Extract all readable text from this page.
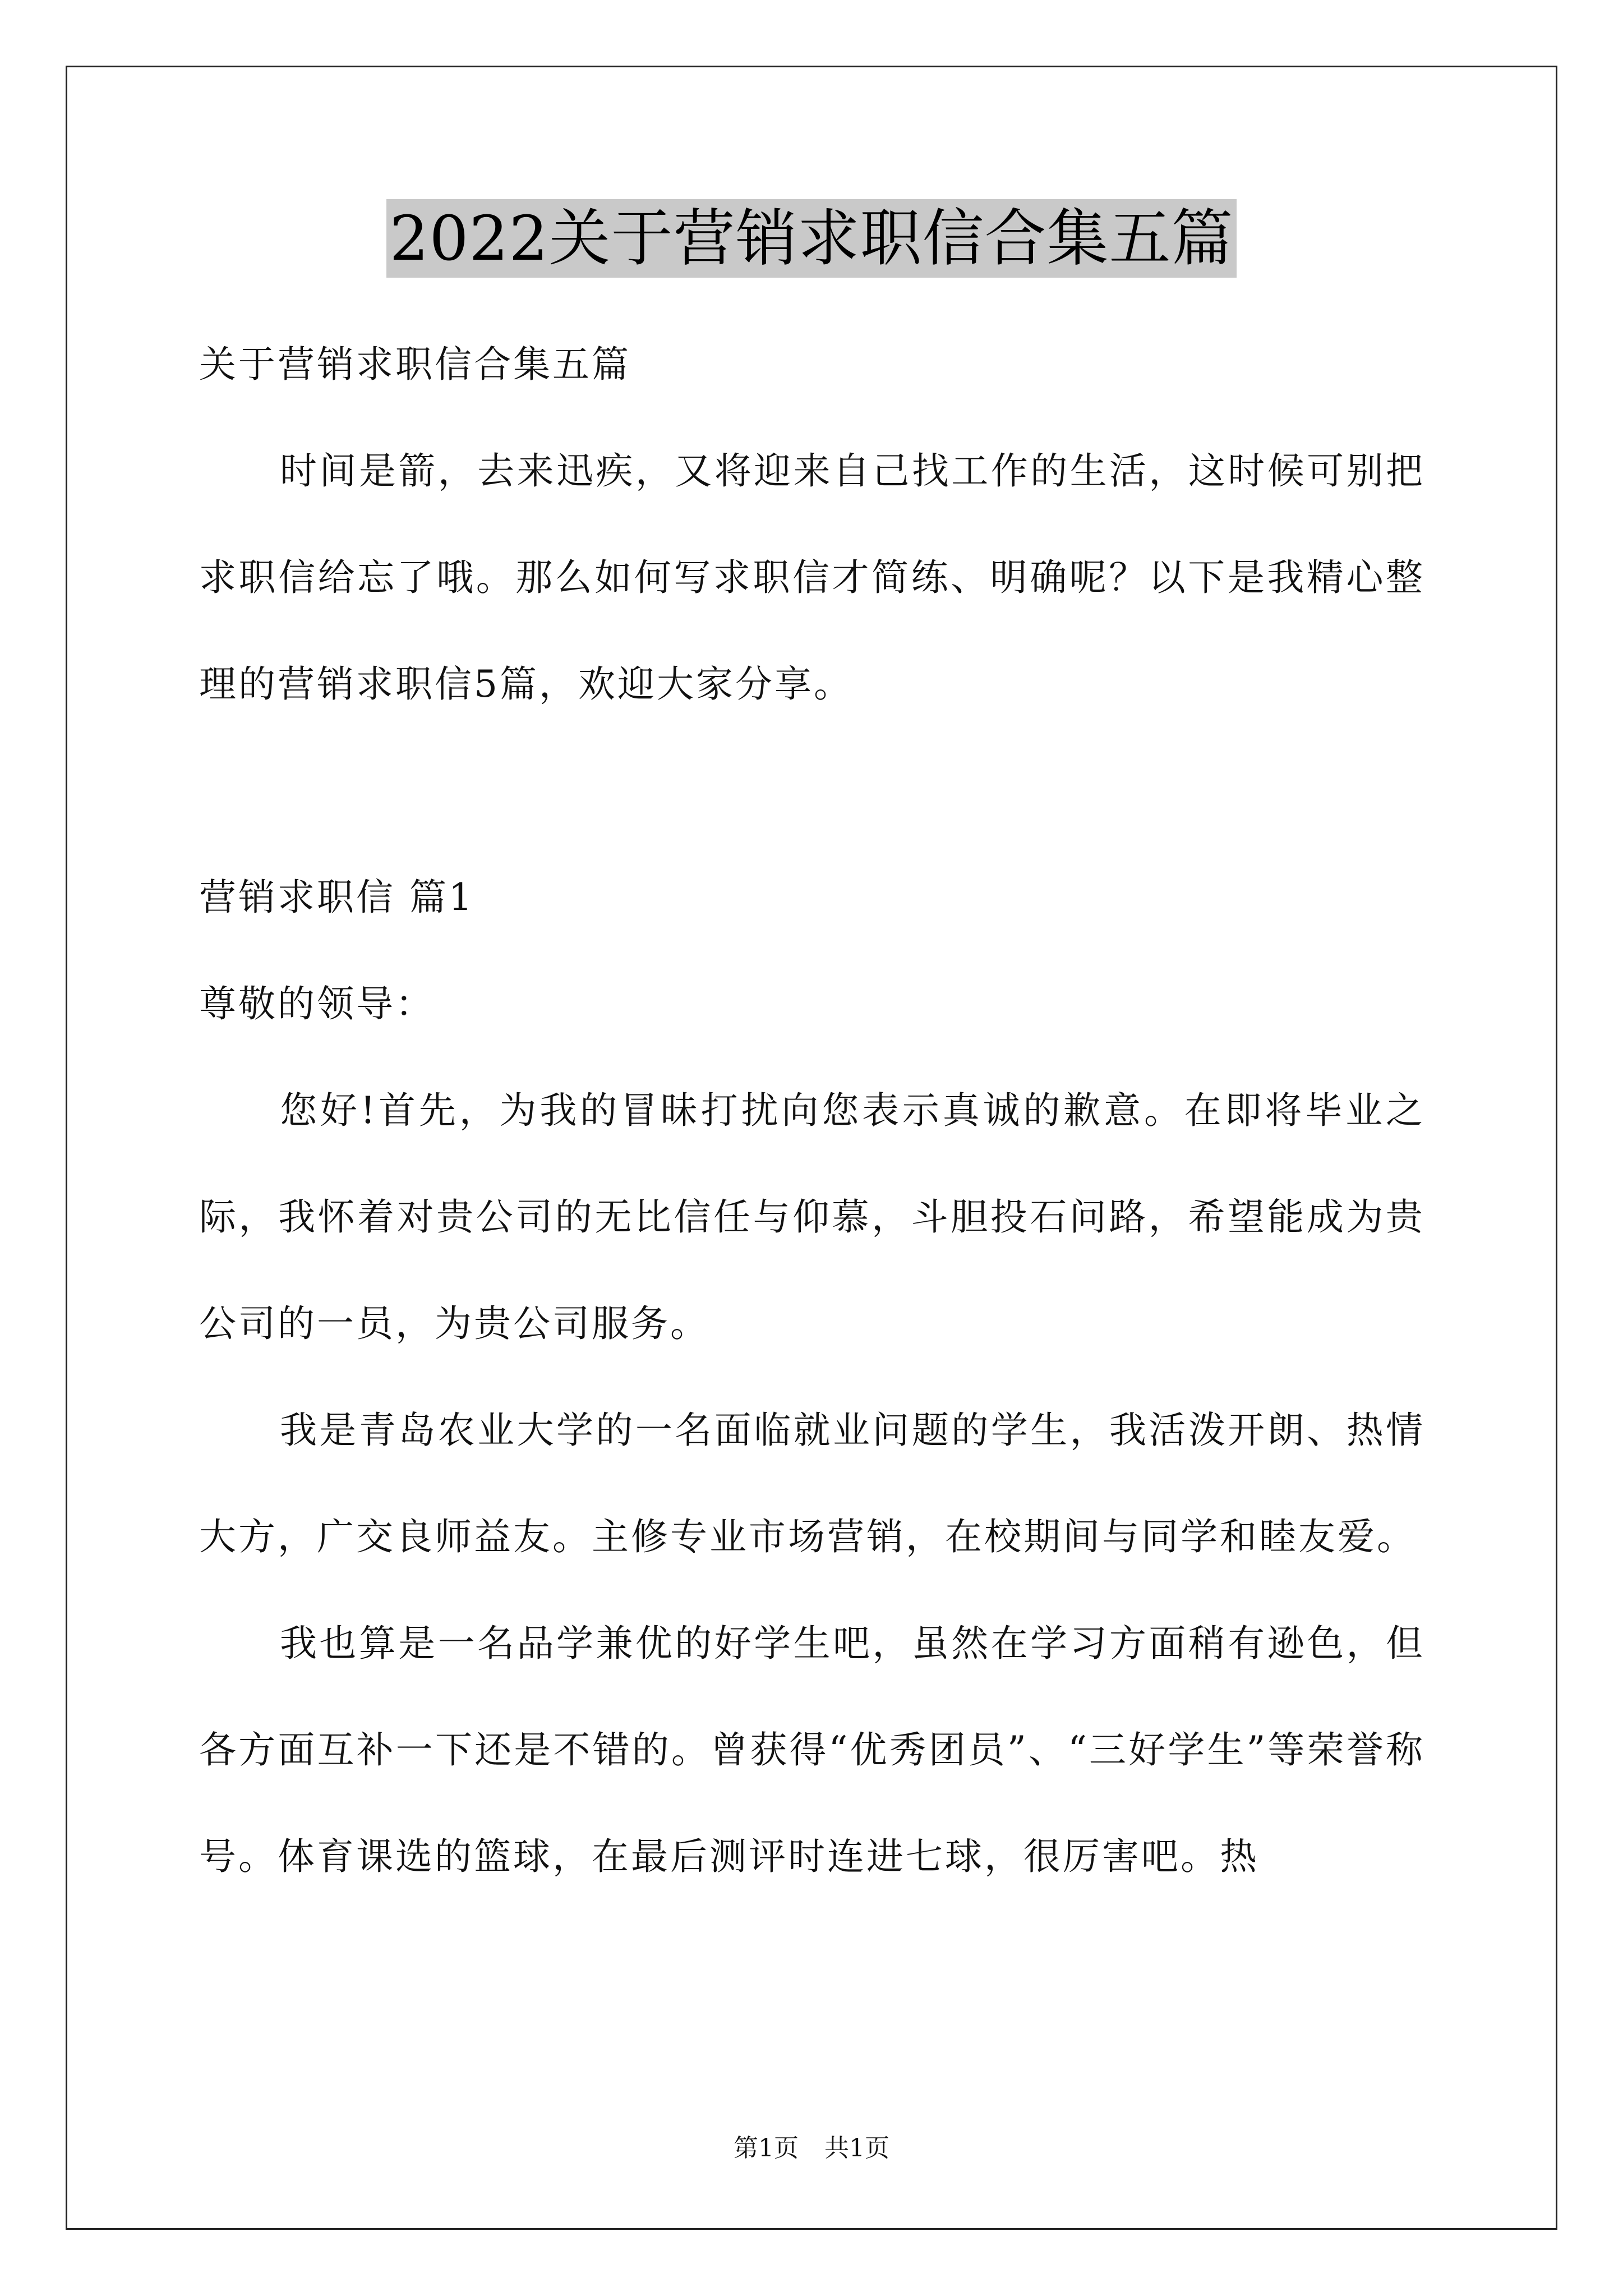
2022关于营销求职信合集五篇
关于营销求职信合集五篇
时间是箭，去来迅疾，又将迎来自己找工作的生活，这时候可别把求职信给忘了哦。那么如何写求职信才简练、明确呢？以下是我精心整理的营销求职信5篇，欢迎大家分享。
营销求职信 篇1
尊敬的领导：
您好!首先，为我的冒昧打扰向您表示真诚的歉意。在即将毕业之际，我怀着对贵公司的无比信任与仰慕，斗胆投石问路，希望能成为贵公司的一员，为贵公司服务。
我是青岛农业大学的一名面临就业问题的学生，我活泼开朗、热情大方，广交良师益友。主修专业市场营销，在校期间与同学和睦友爱。
我也算是一名品学兼优的好学生吧，虽然在学习方面稍有逊色，但各方面互补一下还是不错的。曾获得“优秀团员”、“三好学生”等荣誉称号。体育课选的篮球，在最后测评时连进七球，很厉害吧。热
第1页 共1页
